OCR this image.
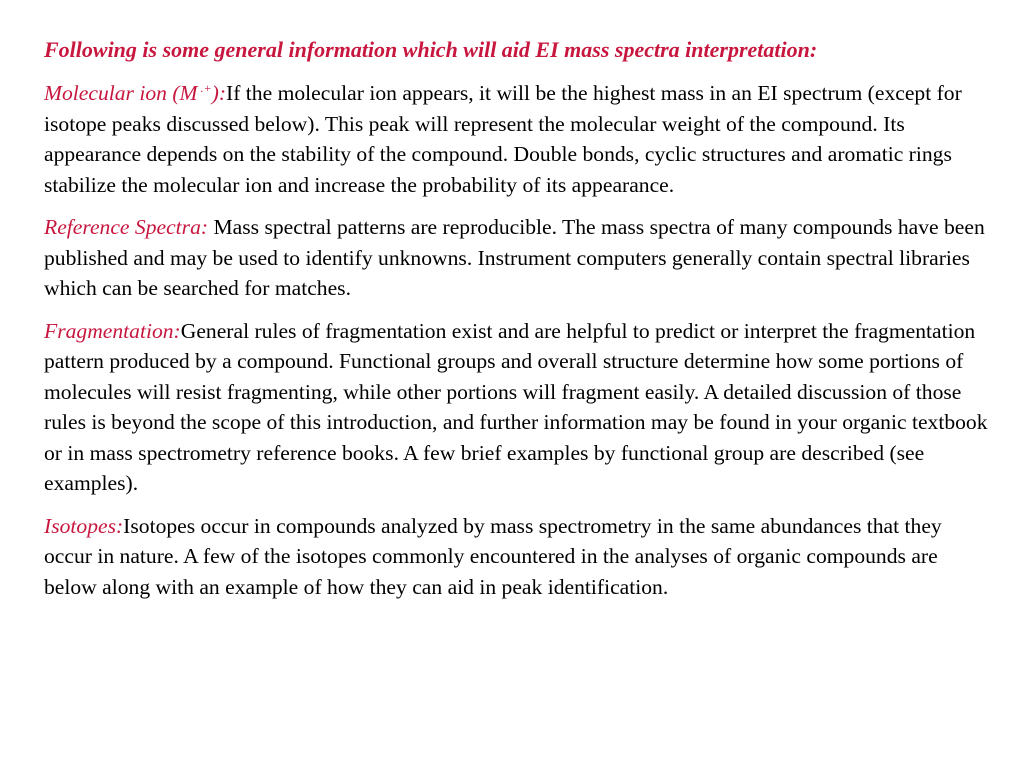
Following is some general information which will aid EI mass spectra interpretation:

Molecular ion (M .+):If the molecular ion appears, it will be the highest mass in an EI spectrum (except for isotope peaks discussed below). This peak will represent the molecular weight of the compound. Its appearance depends on the stability of the compound. Double bonds, cyclic structures and aromatic rings stabilize the molecular ion and increase the probability of its appearance.

Reference Spectra: Mass spectral patterns are reproducible. The mass spectra of many compounds have been published and may be used to identify unknowns. Instrument computers generally contain spectral libraries which can be searched for matches.

Fragmentation:General rules of fragmentation exist and are helpful to predict or interpret the fragmentation pattern produced by a compound. Functional groups and overall structure determine how some portions of molecules will resist fragmenting, while other portions will fragment easily. A detailed discussion of those rules is beyond the scope of this introduction, and further information may be found in your organic textbook or in mass spectrometry reference books. A few brief examples by functional group are described (see examples).

Isotopes:Isotopes occur in compounds analyzed by mass spectrometry in the same abundances that they occur in nature. A few of the isotopes commonly encountered in the analyses of organic compounds are below along with an example of how they can aid in peak identification.
